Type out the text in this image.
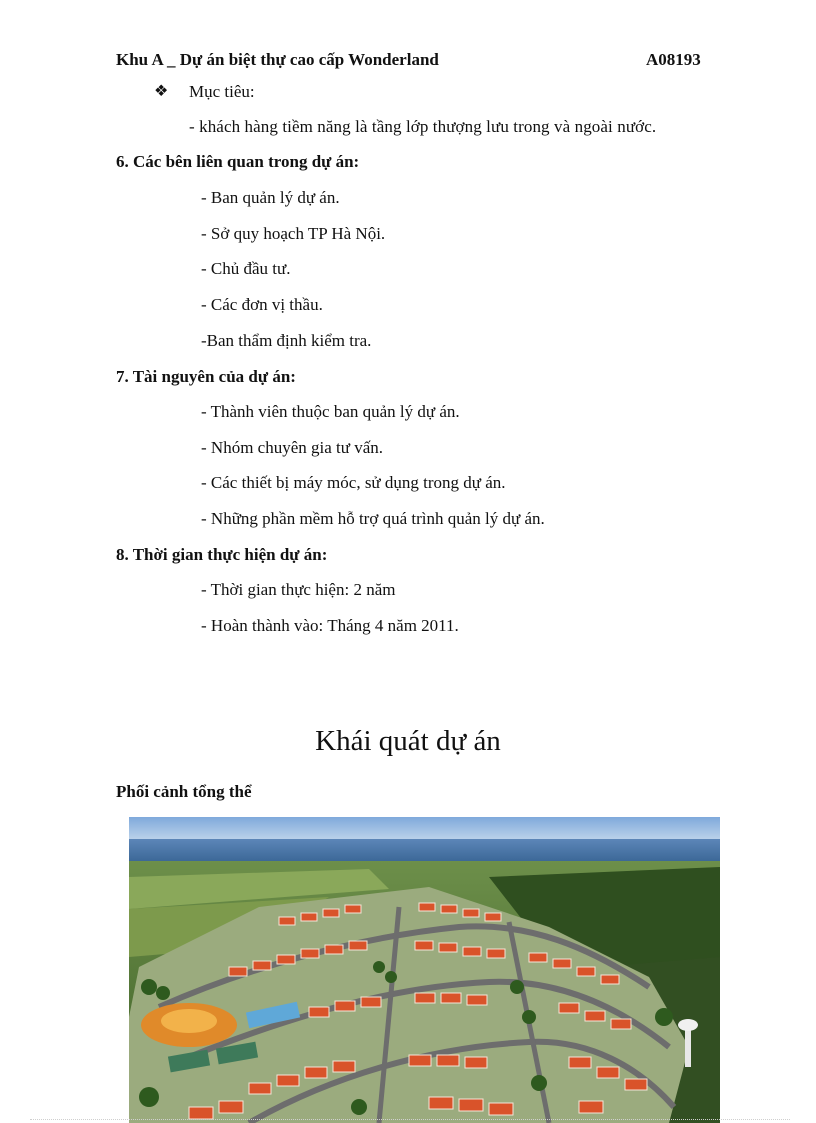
Khu A _ Dự án biệt thự cao cấp Wonderland	A08193
❖ Mục tiêu:
- khách hàng tiềm năng là tầng lớp thượng lưu trong và ngoài nước.
6. Các bên liên quan trong dự án:
- Ban quản lý dự án.
- Sở quy hoạch TP Hà Nội.
- Chủ đầu tư.
- Các đơn vị thầu.
-Ban thẩm định kiểm tra.
7. Tài nguyên của dự án:
- Thành viên thuộc ban quản lý dự án.
- Nhóm chuyên gia tư vấn.
- Các thiết bị máy móc, sử dụng trong dự án.
- Những phần mềm hỗ trợ quá trình quản lý dự án.
8. Thời gian thực hiện dự án:
- Thời gian thực hiện: 2 năm
- Hoàn thành vào: Tháng 4 năm 2011.
Khái quát dự án
Phối cảnh tổng thể
